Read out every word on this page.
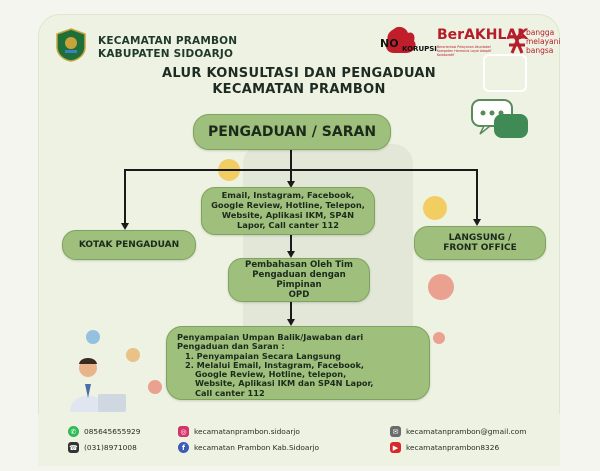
KECAMATAN PRAMBON
KABUPATEN SIDOARJO
NO KORUPSI
BerAKHLAK
Berorientasi Pelayanan Akuntabel Kompeten Harmonis Loyal Adaptif Kolaboratif
bangga
melayani
bangsa
ALUR KONSULTASI DAN PENGADUAN
KECAMATAN PRAMBON
PENGADUAN / SARAN
Email, Instagram, Facebook,
Google Review, Hotline, Telepon,
Website, Aplikasi IKM, SP4N
Lapor, Call canter 112
KOTAK PENGADUAN
LANGSUNG /
FRONT OFFICE
Pembahasan Oleh Tim
Pengaduan dengan Pimpinan
OPD
Penyampaian Umpan Balik/Jawaban dari
Pengaduan dan Saran :
1. Penyampaian Secara Langsung
2. Melalui Email, Instagram, Facebook,
Google Review, Hotline, telepon,
Website, Aplikasi IKM dan SP4N Lapor,
Call canter 112
✆	085645655929
☎ (031)8971008
◎	kecamatanprambon.sidoarjo
f	kecamatan Prambon Kab.Sidoarjo
✉	kecamatanprambon@gmail.com
▶	kecamatanprambon8326
